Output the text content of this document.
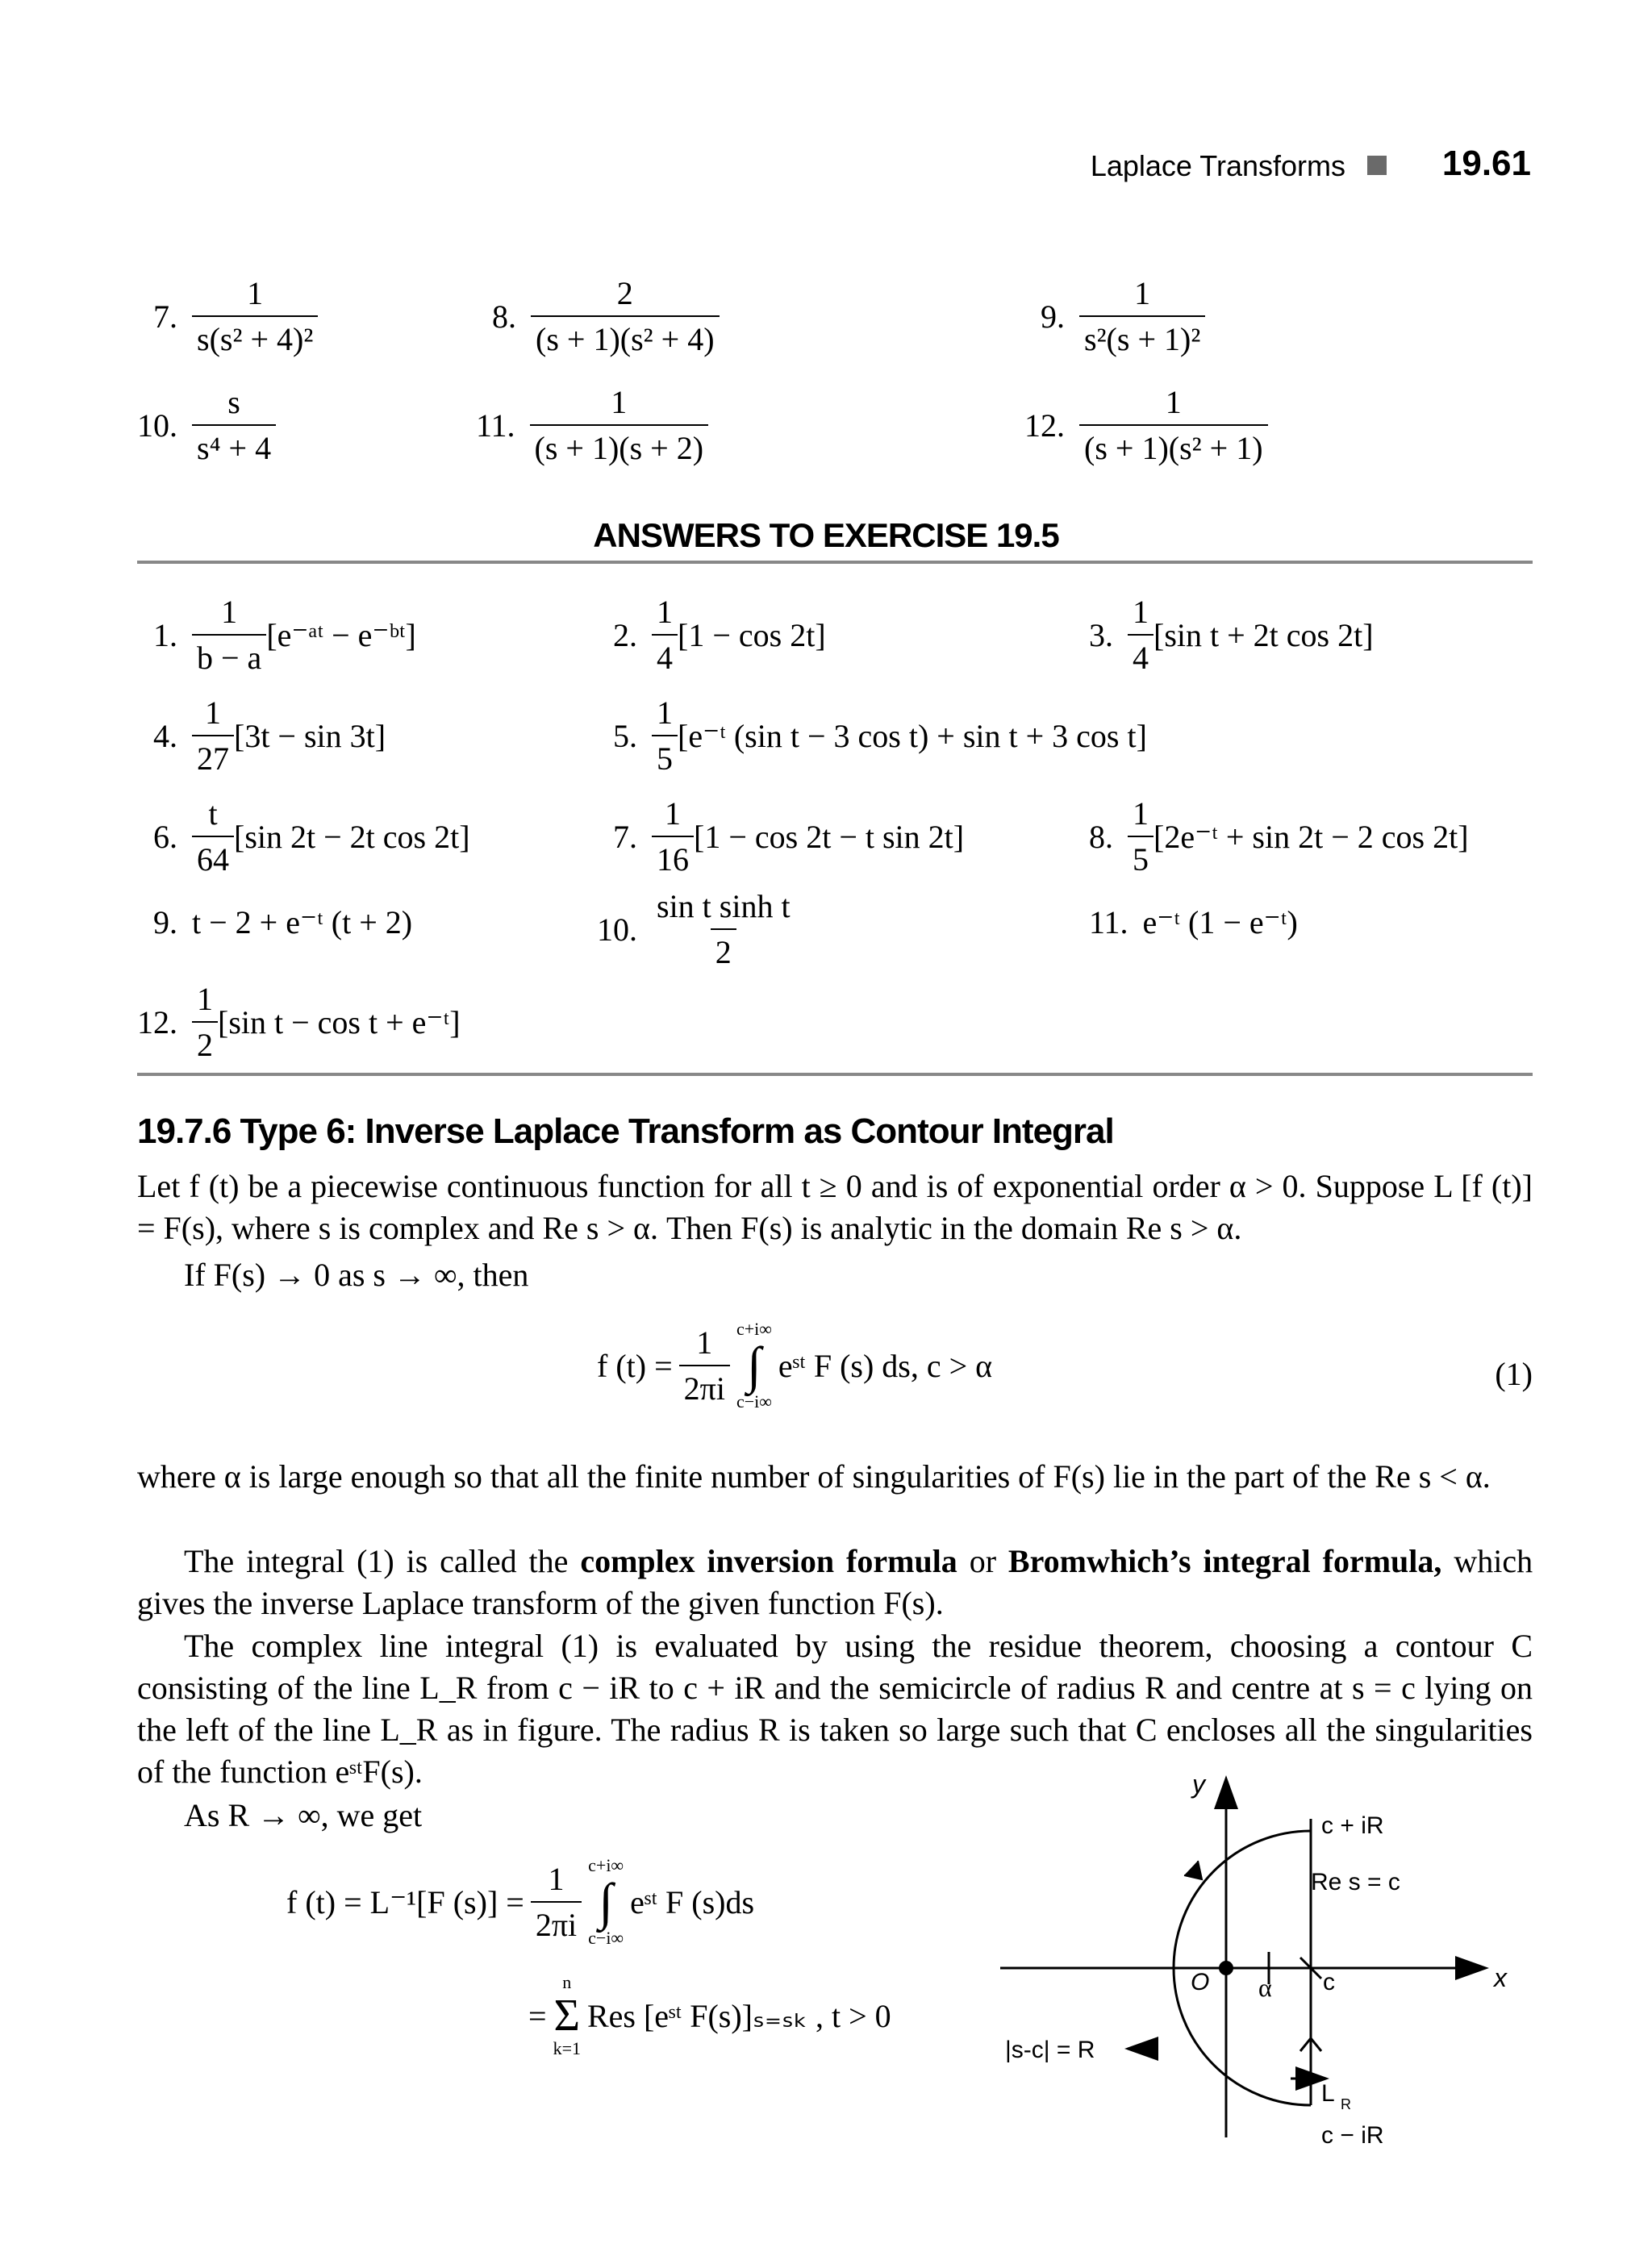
Laplace Transforms	19.61
7. $\frac{1}{\text{s(s² + 4)²}}$	8. $\frac{2}{\text{(s + 1)(s² + 4)}}$	9. $\frac{1}{\text{s²(s + 1)²}}$
10. $\frac{s}{\text{s⁴ + 4}}$	11. $\frac{1}{(s + 1)(s + 2)}$	12. $\frac{1}{\text{(s + 1)(s² + 1)}}$
ANSWERS TO EXERCISE 19.5
1. $\frac{1}{b - a}$ [e⁻ᵃᵗ − e⁻ᵇᵗ]	2. $\frac{1}{4} [1 - \cos 2t]$	3. $\frac{1}{4} [\sin$ t + 2t cos 2t]
4. $\frac{1}{27} [3t - \sin 3t]$	5. $\frac{1}{5}$ [e⁻ᵗ (sin t − 3 cos t) + sin t + 3 cos t]
6. $\frac{t}{64} [\sin$ 2t − 2t cos 2t]	7. $\frac{1}{16} [1 - \cos 2t - t$ sin 2t]	8. $\frac{1}{5}$ [2e⁻ᵗ + sin 2t − 2 cos 2t]
9. t − 2 + e⁻ᵗ (t + 2)	10. $\frac{\text{sin t sinh t}}{2}$	11. e⁻ᵗ (1 − e⁻ᵗ)
12. $\frac{1}{2} [\sin$ t − cos t + e⁻ᵗ]
19.7.6 Type 6: Inverse Laplace Transform as Contour Integral

Let f (t) be a piecewise continuous function for all t ≥ 0 and is of exponential order α > 0. Suppose L [f (t)] = F(s), where s is complex and Re s > α. Then F(s) is analytic in the domain Re s > α.

If F(s) → 0 as s → ∞, then

f $(t) = \frac{1}{2\pi i} c+i\infty$
∫
c−i∞
eˢᵗ F (s) ds, c > α	(1)

where α is large enough so that all the finite number of singularities of F(s) lie in the part of the Re s < α.

The integral (1) is called the complex inversion formula or Bromwhich’s integral formula, which gives the inverse Laplace transform of the given function F(s).

The complex line integral (1) is evaluated by using the residue theorem, choosing a contour C consisting of the line L_R from c − iR to c + iR and the semicircle of radius R and centre at s = c lying on the left of the line L_R as in figure. The radius R is taken so large such that C encloses all the singularities of the function eˢᵗF(s).

As R → ∞, we get

f (t) = L⁻¹[F $(s)] = \frac{1}{2\pi i} c+i\infty$
∫
c−i∞
eˢᵗ F (s)ds
=
n
Σ
k=1
Res [eˢᵗ F(s)]ₛ₌ₛₖ , t > 0
y
x
O α c
c + iR
Re s = c
L R
c − iR
|s-c| = R
